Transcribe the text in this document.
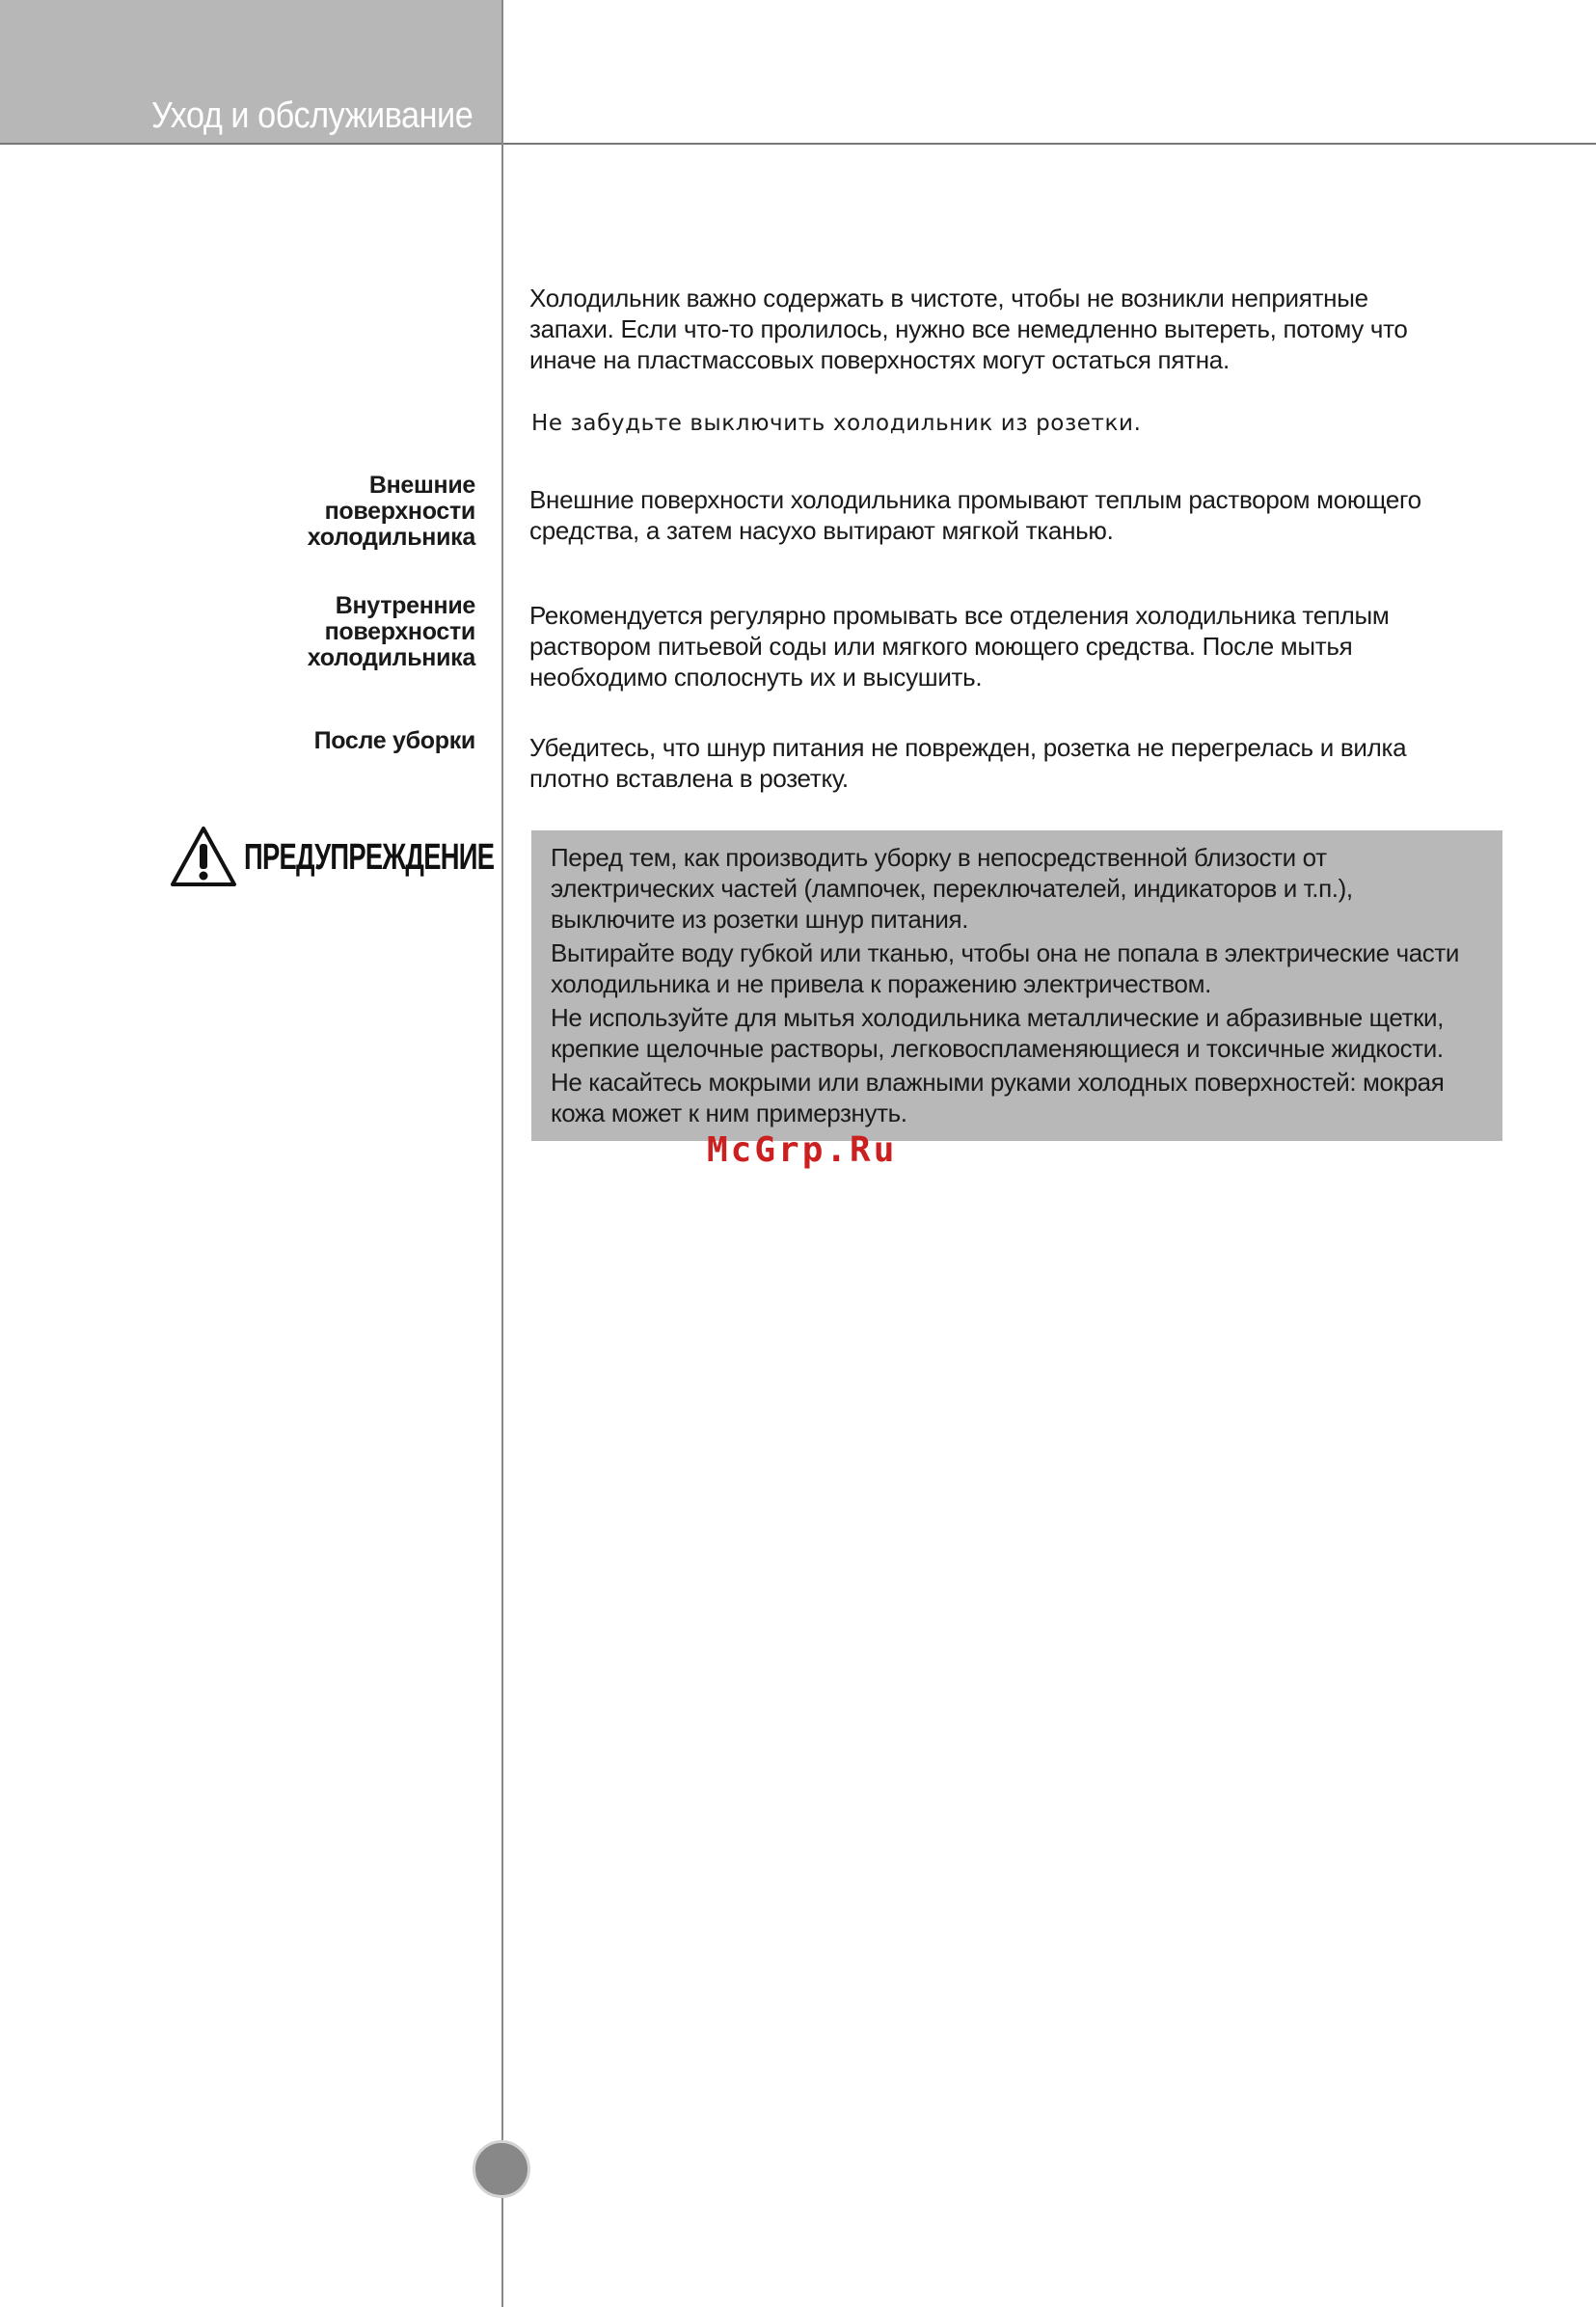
Уход и обслуживание

Холодильник важно содержать в чистоте, чтобы не возникли неприятные

запахи. Если что-то пролилось, нужно все немедленно вытереть, потому что

иначе на пластмассовых поверхностях могут остаться пятна.

Не забудьте выключить холодильник из розетки.
Внешние
поверхности
холодильника
Внешние поверхности холодильника промывают теплым раствором моющего
средства, а затем насухо вытирают мягкой тканью.
Внутренние
поверхности
холодильника
Рекомендуется регулярно промывать все отделения холодильника теплым
раствором питьевой соды или мягкого моющего средства. После мытья
необходимо сполоснуть их и высушить.
После уборки Убедитесь, что шнур питания не поврежден, розетка не перегрелась и вилка
плотно вставлена в розетку.
ПРЕДУПРЕЖДЕНИЕ Перед тем, как производить уборку в непосредственной близости от
электрических частей (лампочек, переключателей, индикаторов и т.п.),
выключите из розетки шнур питания.

Вытирайте воду губкой или тканью, чтобы она не попала в электрические части
холодильника и не привела к поражению электричеством.

Не используйте для мытья холодильника металлические и абразивные щетки,
крепкие щелочные растворы, легковоспламеняющиеся и токсичные жидкости.

Не касайтесь мокрыми или влажными руками холодных поверхностей: мокрая
кожа может к ним примерзнуть.

McGrp.Ru
